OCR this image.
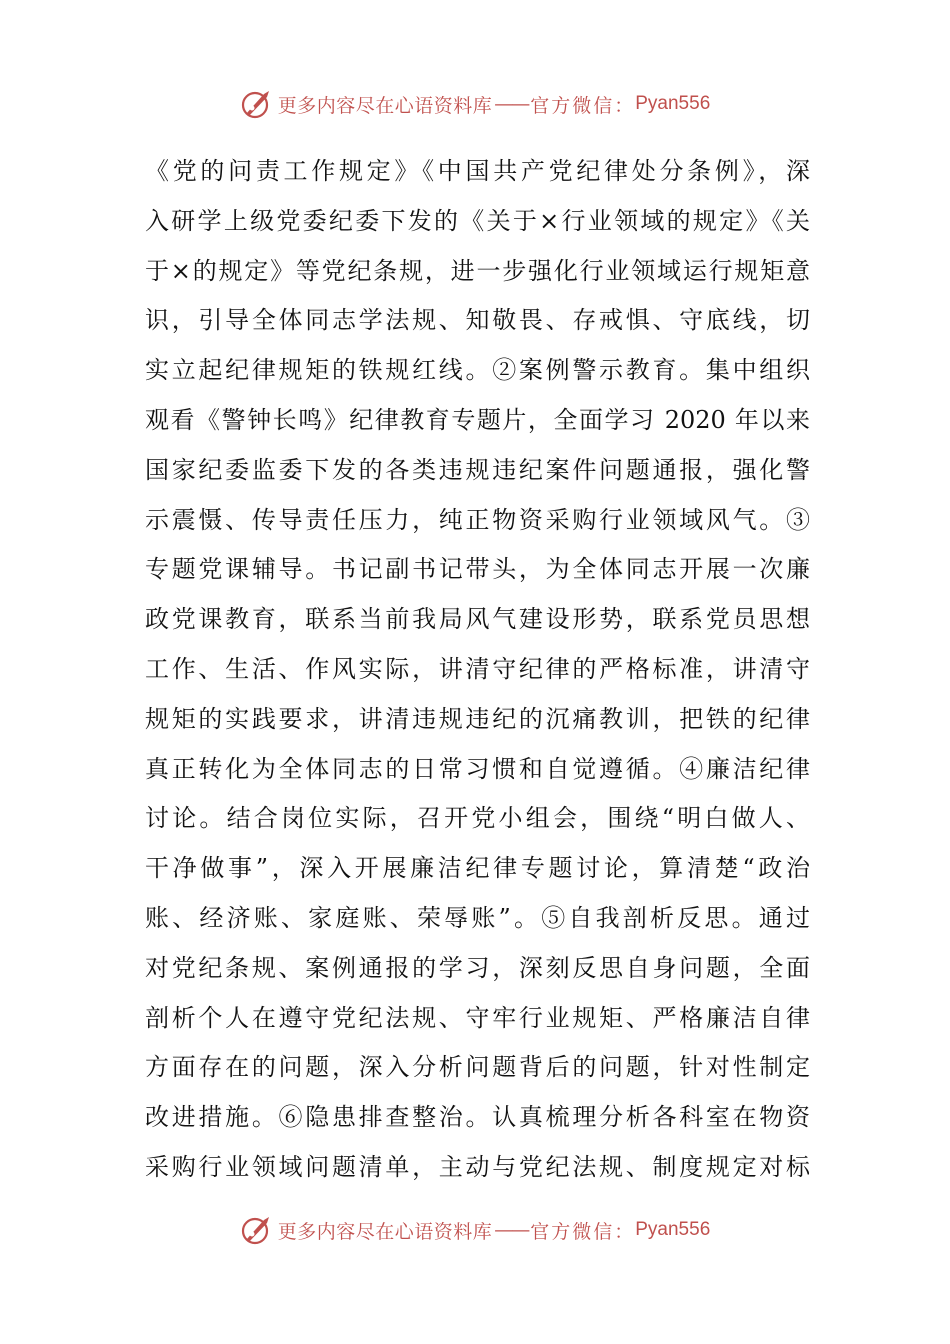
更多内容尽在心语资料库 —— 官方微信： Pyan556
《党的问责工作规定》《中国共产党纪律处分条例》，深
入研学上级党委纪委下发的《关于×行业领域的规定》《关
于×的规定》等党纪条规，进一步强化行业领域运行规矩意
识，引导全体同志学法规、知敬畏、存戒惧、守底线，切
实立起纪律规矩的铁规红线。②案例警示教育。集中组织
观看《警钟长鸣》纪律教育专题片，全面学习 2020 年以来
国家纪委监委下发的各类违规违纪案件问题通报，强化警
示震慑、传导责任压力，纯正物资采购行业领域风气。③
专题党课辅导。书记副书记带头，为全体同志开展一次廉
政党课教育，联系当前我局风气建设形势，联系党员思想
工作、生活、作风实际，讲清守纪律的严格标准，讲清守
规矩的实践要求，讲清违规违纪的沉痛教训，把铁的纪律
真正转化为全体同志的日常习惯和自觉遵循。④廉洁纪律
讨论。结合岗位实际，召开党小组会，围绕“明白做人、
干净做事”，深入开展廉洁纪律专题讨论，算清楚“政治
账、经济账、家庭账、荣辱账”。⑤自我剖析反思。通过
对党纪条规、案例通报的学习，深刻反思自身问题，全面
剖析个人在遵守党纪法规、守牢行业规矩、严格廉洁自律
方面存在的问题，深入分析问题背后的问题，针对性制定
改进措施。⑥隐患排查整治。认真梳理分析各科室在物资
采购行业领域问题清单，主动与党纪法规、制度规定对标
更多内容尽在心语资料库 —— 官方微信： Pyan556
